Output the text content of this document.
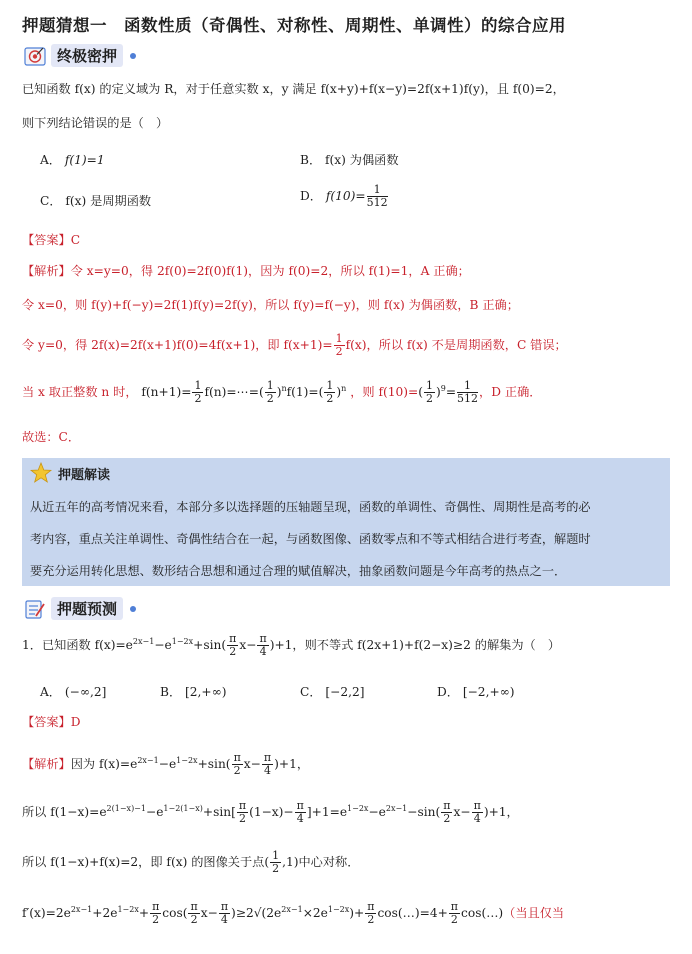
押题猜想一　函数性质（奇偶性、对称性、周期性、单调性）的综合应用
终极密押
已知函数 f(x) 的定义域为 R，对于任意实数 x，y 满足 f(x+y)+f(x−y)=2f(x+1)f(y)，且 f(0)=2，
则下列结论错误的是（　）
A． f(1)=1	B． f(x) 为偶函数
C． f(x) 是周期函数	D． $f(10)= \frac{1}{512}$
【答案】C
【解析】令 x=y=0，得 2f(0)=2f(0)f(1)，因为 f(0)=2，所以 f(1)=1，A 正确；
令 x=0，则 f(y)+f(−y)=2f(1)f(y)=2f(y)，所以 f(y)=f(−y)，则 f(x) 为偶函数，B 正确；
令 y=0，得 2f(x)=2f(x+1)f(0)=4f(x+1)，即 $f(x+1)= \frac{1}{2} f(x)$，所以 f(x) 不是周期函数，C 错误；
当 x 取正整数 n 时， $f(n+1)= \frac{1}{2}$ f(n)=⋯=( $\frac{1}{2} )^nf(1)=( \frac{1}{2} )^n$ ，则 $f(10)=( \frac{1}{2} )^9= \frac{1}{512}$ ，D 正确．
故选：C．
押题解读
从近五年的高考情况来看，本部分多以选择题的压轴题呈现，函数的单调性、奇偶性、周期性是高考的必
考内容，重点关注单调性、奇偶性结合在一起，与函数图像、函数零点和不等式相结合进行考查，解题时
要充分运用转化思想、数形结合思想和通过合理的赋值解决，抽象函数问题是今年高考的热点之一．
押题预测
1．已知函数 $f(x)=e^{2x-1}-e^{1-2x}+\sin( \frac{\pi}{2} x- \frac{\pi}{4} )+1$，则不等式 f(2x+1)+f(2−x)≥2 的解集为（　）
A． (−∞,2]	B． [2,+∞)	C． [−2,2]	D． [−2,+∞)
【答案】D
【解析】因为 $f(x)=e^{2x-1}-e^{1-2x}+\sin( \frac{\pi}{2} x- \frac{\pi}{4} )+1$，
所以 $f(1-x)=e^{2(1-x)-1}-e^{1-2(1-x)}+\sin[ \frac{\pi}{2} (1-x)- \frac{\pi}{4} ]+1=e^{1-2x}-e^{2x-1}-\sin( \frac{\pi}{2} x- \frac{\pi}{4} )+1$，
所以 f(1−x)+f(x)=2，即 f(x) 的图像关于点( $\frac{1}{2} ,1$)中心对称．
$f'(x)=2e^{2x-1}+2e^{1-2x}+ \frac{\pi}{2} \cos( \frac{\pi}{2} x- \frac{\pi}{4} )\ge 2√(2e^{2x-1}\times 2e^{1-2x})+ \frac{\pi}{2}$ cos(…)=4+ $\frac{\pi}{2}$ cos(…)（当且仅当
